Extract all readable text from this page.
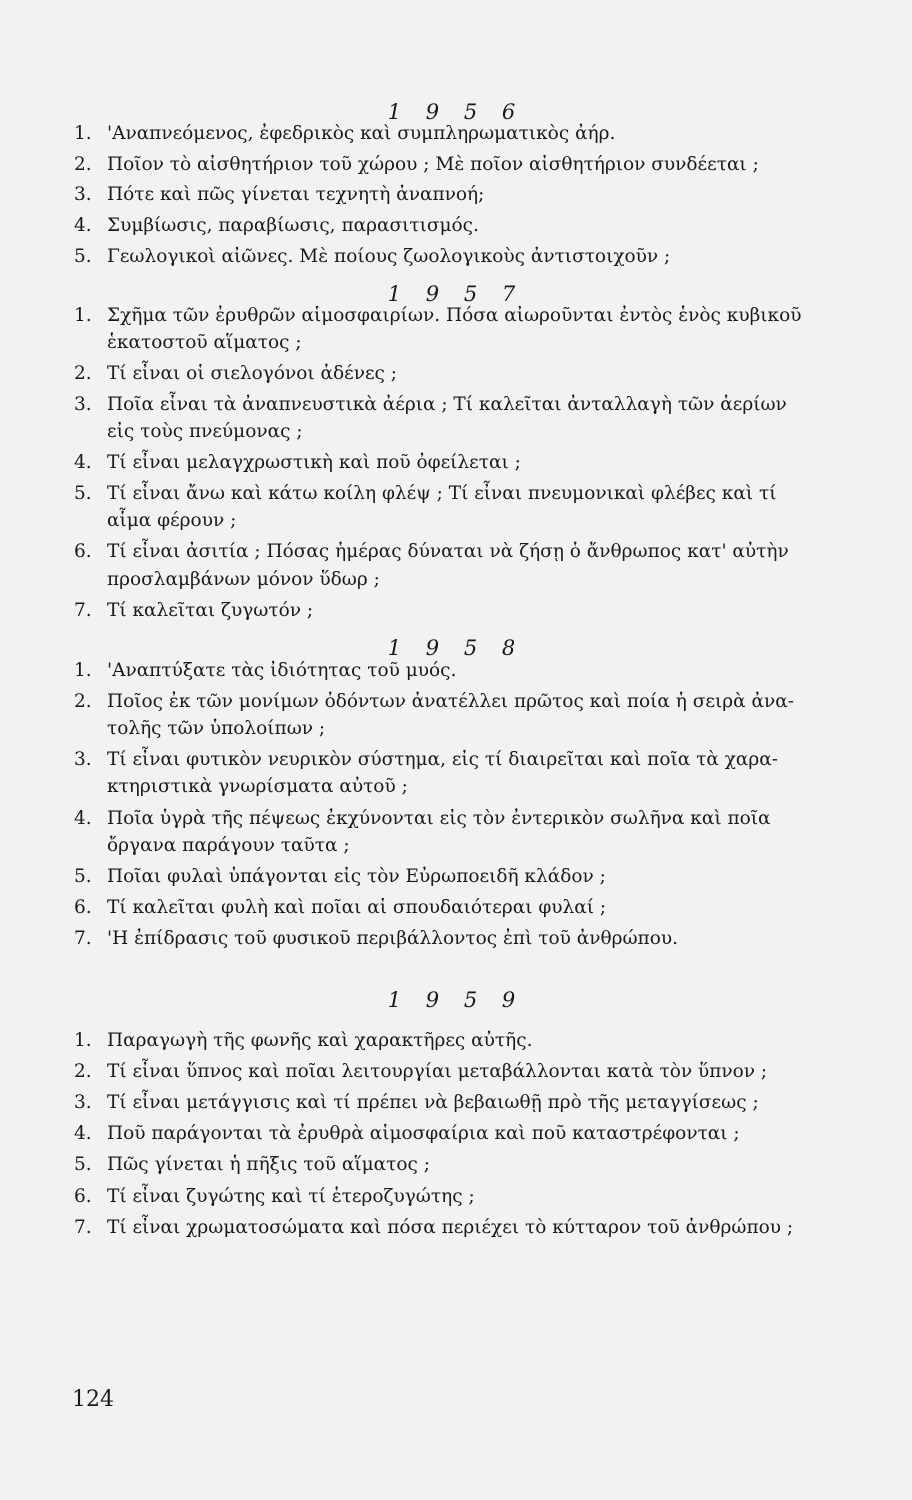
1 9 5 6
1. 'Αναπνεόμενος, ἐφεδρικὸς καὶ συμπληρωματικὸς ἀήρ.
2. Ποῖον τὸ αἰσθητήριον τοῦ χώρου ; Μὲ ποῖον αἰσθητήριον συνδέεται ;
3. Πότε καὶ πῶς γίνεται τεχνητὴ ἀναπνοή;
4. Συμβίωσις, παραβίωσις, παρασιτισμός.
5. Γεωλογικοὶ αἰῶνες. Μὲ ποίους ζωολογικοὺς ἀντιστοιχοῦν ;
1 9 5 7
1. Σχῆμα τῶν ἐρυθρῶν αἱμοσφαιρίων. Πόσα αἰωροῦνται ἐντὸς ἑνὸς κυβικοῦ
ἑκατοστοῦ αἵματος ;
2. Τί εἶναι οἱ σιελογόνοι ἀδένες ;
3. Ποῖα εἶναι τὰ ἀναπνευστικὰ ἀέρια ; Τί καλεῖται ἀνταλλαγὴ τῶν ἀερίων
εἰς τοὺς πνεύμονας ;
4. Τί εἶναι μελαγχρωστικὴ καὶ ποῦ ὀφείλεται ;
5. Τί εἶναι ἄνω καὶ κάτω κοίλη φλέψ ; Τί εἶναι πνευμονικαὶ φλέβες καὶ τί
αἷμα φέρουν ;
6. Τί εἶναι ἀσιτία ; Πόσας ἡμέρας δύναται νὰ ζήσῃ ὁ ἄνθρωπος κατ' αὐτὴν
προσλαμβάνων μόνον ὕδωρ ;
7. Τί καλεῖται ζυγωτόν ;
1 9 5 8
1. 'Αναπτύξατε τὰς ἰδιότητας τοῦ μυός.
2. Ποῖος ἐκ τῶν μονίμων ὀδόντων ἀνατέλλει πρῶτος καὶ ποία ἡ σειρὰ ἀνα-
τολῆς τῶν ὑπολοίπων ;
3. Τί εἶναι φυτικὸν νευρικὸν σύστημα, εἰς τί διαιρεῖται καὶ ποῖα τὰ χαρα-
κτηριστικὰ γνωρίσματα αὐτοῦ ;
4. Ποῖα ὑγρὰ τῆς πέψεως ἐκχύνονται εἰς τὸν ἐντερικὸν σωλῆνα καὶ ποῖα
ὄργανα παράγουν ταῦτα ;
5. Ποῖαι φυλαὶ ὑπάγονται εἰς τὸν Εὐρωποειδῆ κλάδον ;
6. Τί καλεῖται φυλὴ καὶ ποῖαι αἱ σπουδαιότεραι φυλαί ;
7. 'Η ἐπίδρασις τοῦ φυσικοῦ περιβάλλοντος ἐπὶ τοῦ ἀνθρώπου.
1 9 5 9
1. Παραγωγὴ τῆς φωνῆς καὶ χαρακτῆρες αὐτῆς.
2. Τί εἶναι ὕπνος καὶ ποῖαι λειτουργίαι μεταβάλλονται κατὰ τὸν ὕπνον ;
3. Τί εἶναι μετάγγισις καὶ τί πρέπει νὰ βεβαιωθῇ πρὸ τῆς μεταγγίσεως ;
4. Ποῦ παράγονται τὰ ἐρυθρὰ αἱμοσφαίρια καὶ ποῦ καταστρέφονται ;
5. Πῶς γίνεται ἡ πῆξις τοῦ αἵματος ;
6. Τί εἶναι ζυγώτης καὶ τί ἑτεροζυγώτης ;
7. Τί εἶναι χρωματοσώματα καὶ πόσα περιέχει τὸ κύτταρον τοῦ ἀνθρώπου ;
124
